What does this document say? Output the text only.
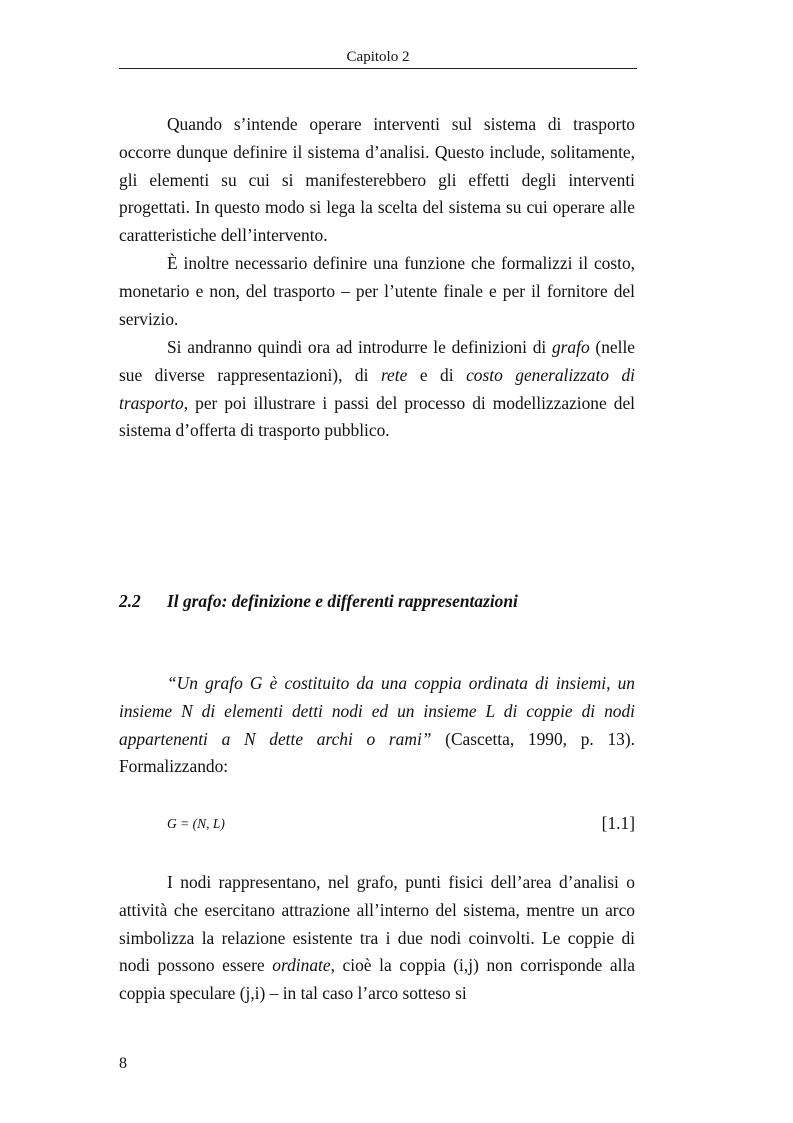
Capitolo 2

Quando s’intende operare interventi sul sistema di trasporto occorre dunque definire il sistema d’analisi. Questo include, solitamente, gli elementi su cui si manifesterebbero gli effetti degli interventi progettati. In questo modo si lega la scelta del sistema su cui operare alle caratteristiche dell’intervento.

È inoltre necessario definire una funzione che formalizzi il costo, monetario e non, del trasporto – per l’utente finale e per il fornitore del servizio.

Si andranno quindi ora ad introdurre le definizioni di grafo (nelle sue diverse rappresentazioni), di rete e di costo generalizzato di trasporto, per poi illustrare i passi del processo di modellizzazione del sistema d’offerta di trasporto pubblico.

2.2 Il grafo: definizione e differenti rappresentazioni

“Un grafo G è costituito da una coppia ordinata di insiemi, un insieme N di elementi detti nodi ed un insieme L di coppie di nodi appartenenti a N dette archi o rami” (Cascetta, 1990, p. 13). Formalizzando:

G = (N, L)	[1.1]

I nodi rappresentano, nel grafo, punti fisici dell’area d’analisi o attività che esercitano attrazione all’interno del sistema, mentre un arco simbolizza la relazione esistente tra i due nodi coinvolti. Le coppie di nodi possono essere ordinate, cioè la coppia (i,j) non corrisponde alla coppia speculare (j,i) – in tal caso l’arco sotteso si

8
